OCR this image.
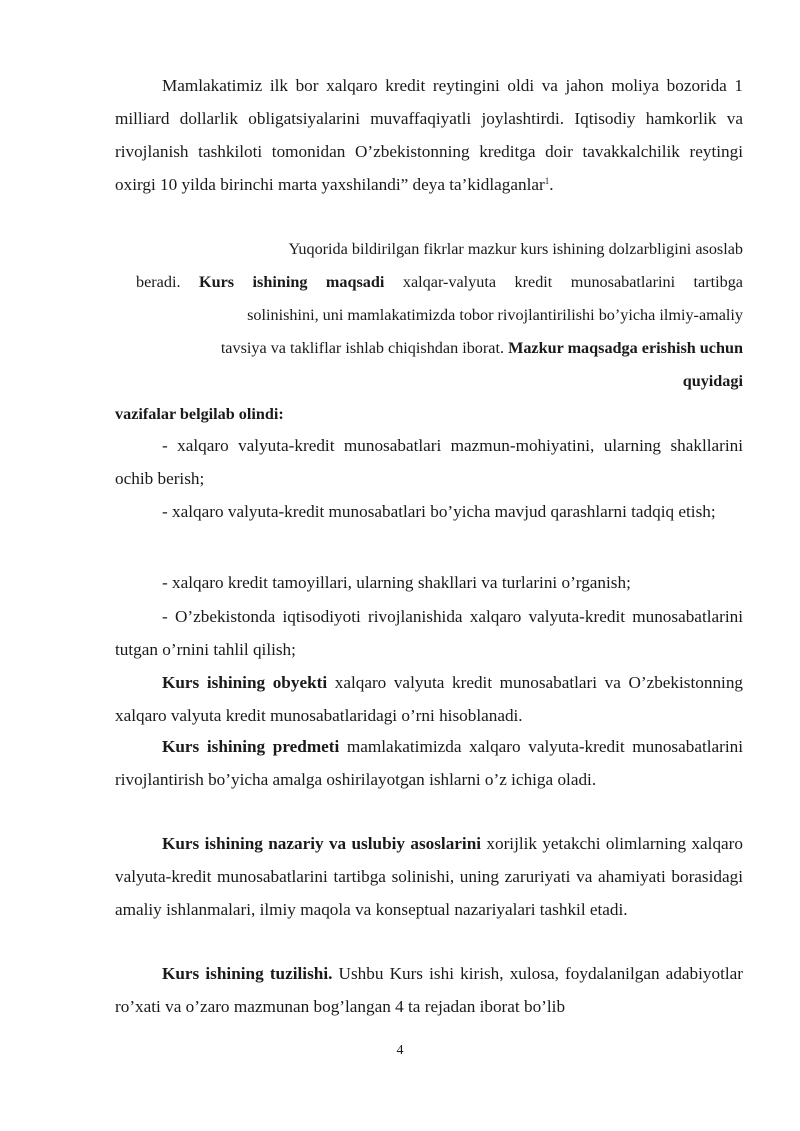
Mamlakatimiz ilk bor xalqaro kredit reytingini oldi va jahon moliya bozorida 1 milliard dollarlik obligatsiyalarini muvaffaqiyatli joylashtirdi. Iqtisodiy hamkorlik va rivojlanish tashkiloti tomonidan O’zbekistonning kreditga doir tavakkalchilik reytingi oxirgi 10 yilda birinchi marta yaxshilandi” deya ta’kidlaganlar$^1$.

Yuqorida bildirilgan fikrlar mazkur kurs ishining dolzarbligini asoslab
beradi. Kurs ishining maqsadi xalqar-valyuta kredit munosabatlarini tartibga
solinishini, uni mamlakatimizda tobor rivojlantirilishi bo’yicha ilmiy-amaliy
tavsiya va takliflar ishlab chiqishdan iborat. Mazkur maqsadga erishish uchun
quyidagi
vazifalar belgilab olindi:

- xalqaro valyuta-kredit munosabatlari mazmun-mohiyatini, ularning shakllarini ochib berish;

- xalqaro valyuta-kredit munosabatlari bo’yicha mavjud qarashlarni tadqiq etish;

- xalqaro kredit tamoyillari, ularning shakllari va turlarini o’rganish;

- O’zbekistonda iqtisodiyoti rivojlanishida xalqaro valyuta-kredit munosabatlarini tutgan o’rnini tahlil qilish;

Kurs ishining obyekti xalqaro valyuta kredit munosabatlari va O’zbekistonning xalqaro valyuta kredit munosabatlaridagi o’rni hisoblanadi.

Kurs ishining predmeti mamlakatimizda xalqaro valyuta-kredit munosabatlarini rivojlantirish bo’yicha amalga oshirilayotgan ishlarni o’z ichiga oladi.

Kurs ishining nazariy va uslubiy asoslarini xorijlik yetakchi olimlarning xalqaro valyuta-kredit munosabatlarini tartibga solinishi, uning zaruriyati va ahamiyati borasidagi amaliy ishlanmalari, ilmiy maqola va konseptual nazariyalari tashkil etadi.

Kurs ishining tuzilishi. Ushbu Kurs ishi kirish, xulosa, foydalanilgan adabiyotlar ro’xati va o’zaro mazmunan bog’langan 4 ta rejadan iborat bo’lib

4
